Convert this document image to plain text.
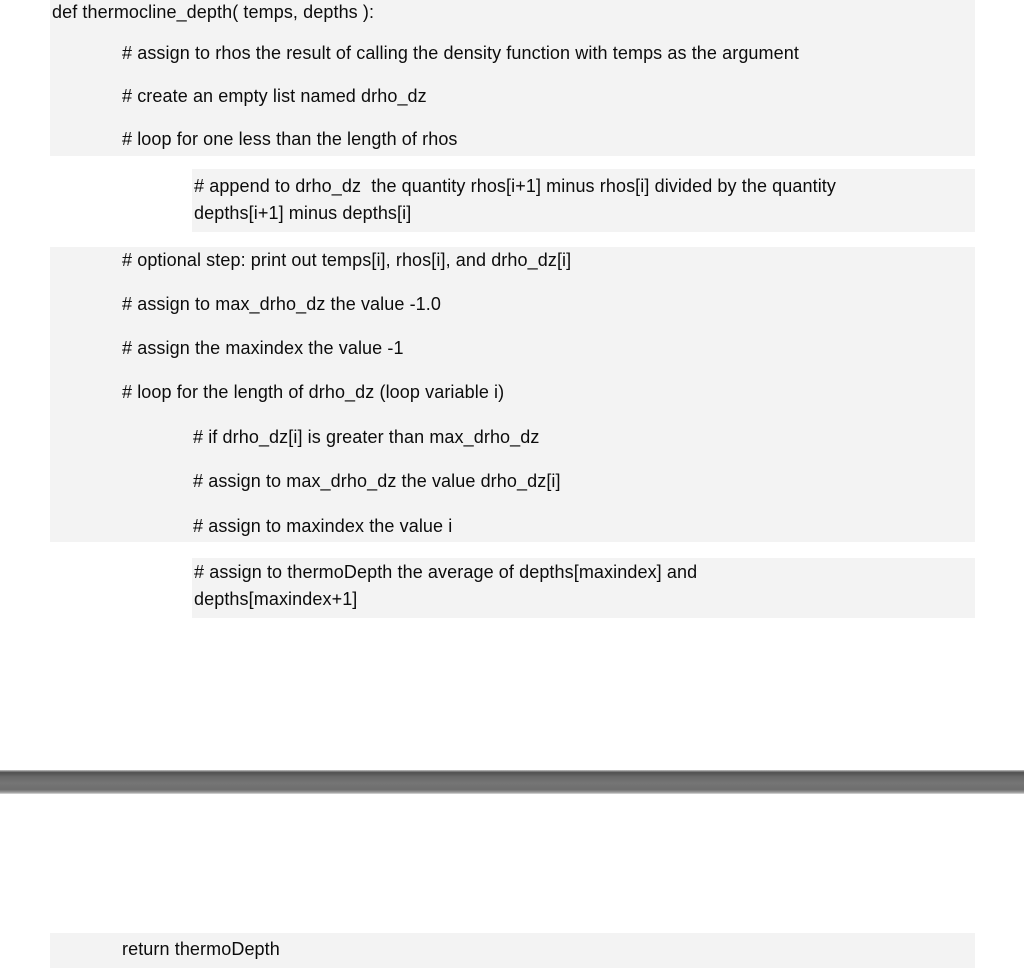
def thermocline_depth( temps, depths ):
# assign to rhos the result of calling the density function with temps as the argument
# create an empty list named drho_dz
# loop for one less than the length of rhos
# append to drho_dz  the quantity rhos[i+1] minus rhos[i] divided by the quantity
depths[i+1] minus depths[i]
# optional step: print out temps[i], rhos[i], and drho_dz[i]
# assign to max_drho_dz the value -1.0
# assign the maxindex the value -1
# loop for the length of drho_dz (loop variable i)
# if drho_dz[i] is greater than max_drho_dz
# assign to max_drho_dz the value drho_dz[i]
# assign to maxindex the value i
# assign to thermoDepth the average of depths[maxindex] and
depths[maxindex+1]
return thermoDepth
